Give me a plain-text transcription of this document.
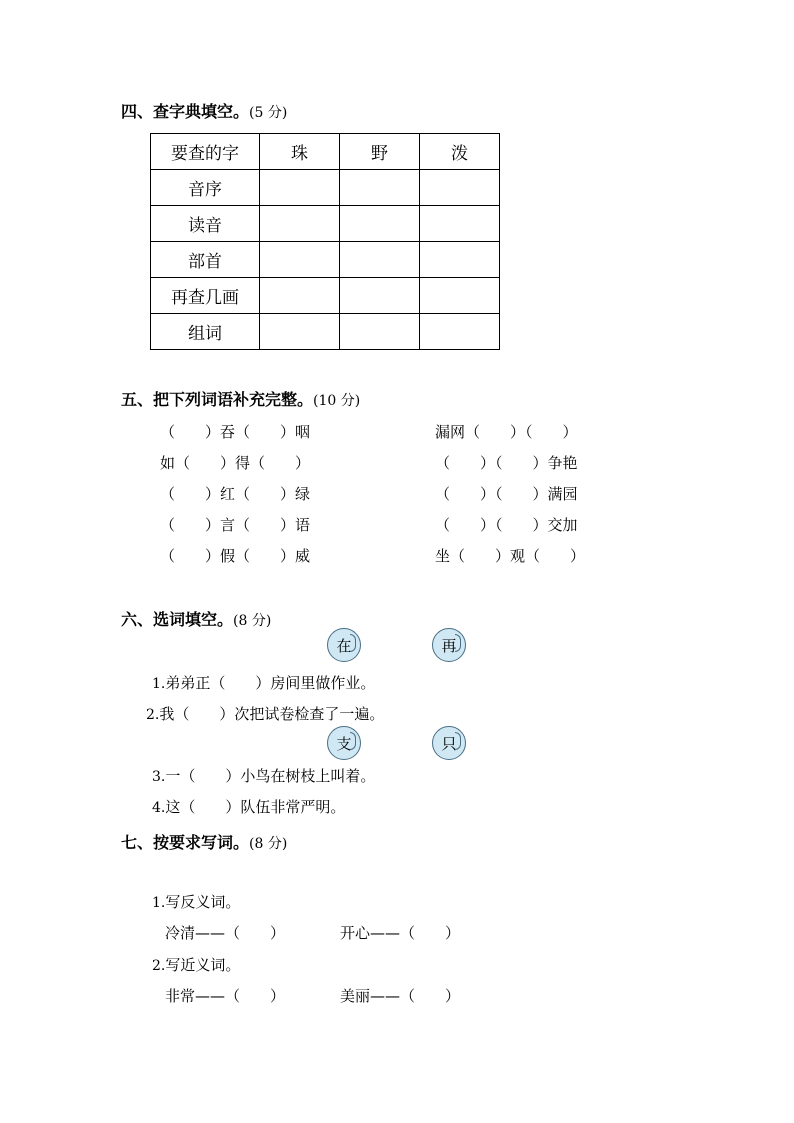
四、查字典填空。(5 分)
要查的字	珠	野	泼
音序			
读音			
部首			
再查几画			
组词			
五、把下列词语补充完整。(10 分)
（　　）吞（　　）咽
如（　　）得（　　）
（　　）红（　　）绿
（　　）言（　　）语
（　　）假（　　）威
漏网（　　）（　　）
（　　）（　　）争艳
（　　）（　　）满园
（　　）（　　）交加
坐（　　）观（　　）
六、选词填空。(8 分)
在	再
1.弟弟正（　　）房间里做作业。
2.我（　　）次把试卷检查了一遍。
支	只
3.一（　　）小鸟在树枝上叫着。
4.这（　　）队伍非常严明。
七、按要求写词。(8 分)
1.写反义词。
冷清——（　　）	开心——（　　）
2.写近义词。
非常——（　　）	美丽——（　　）
